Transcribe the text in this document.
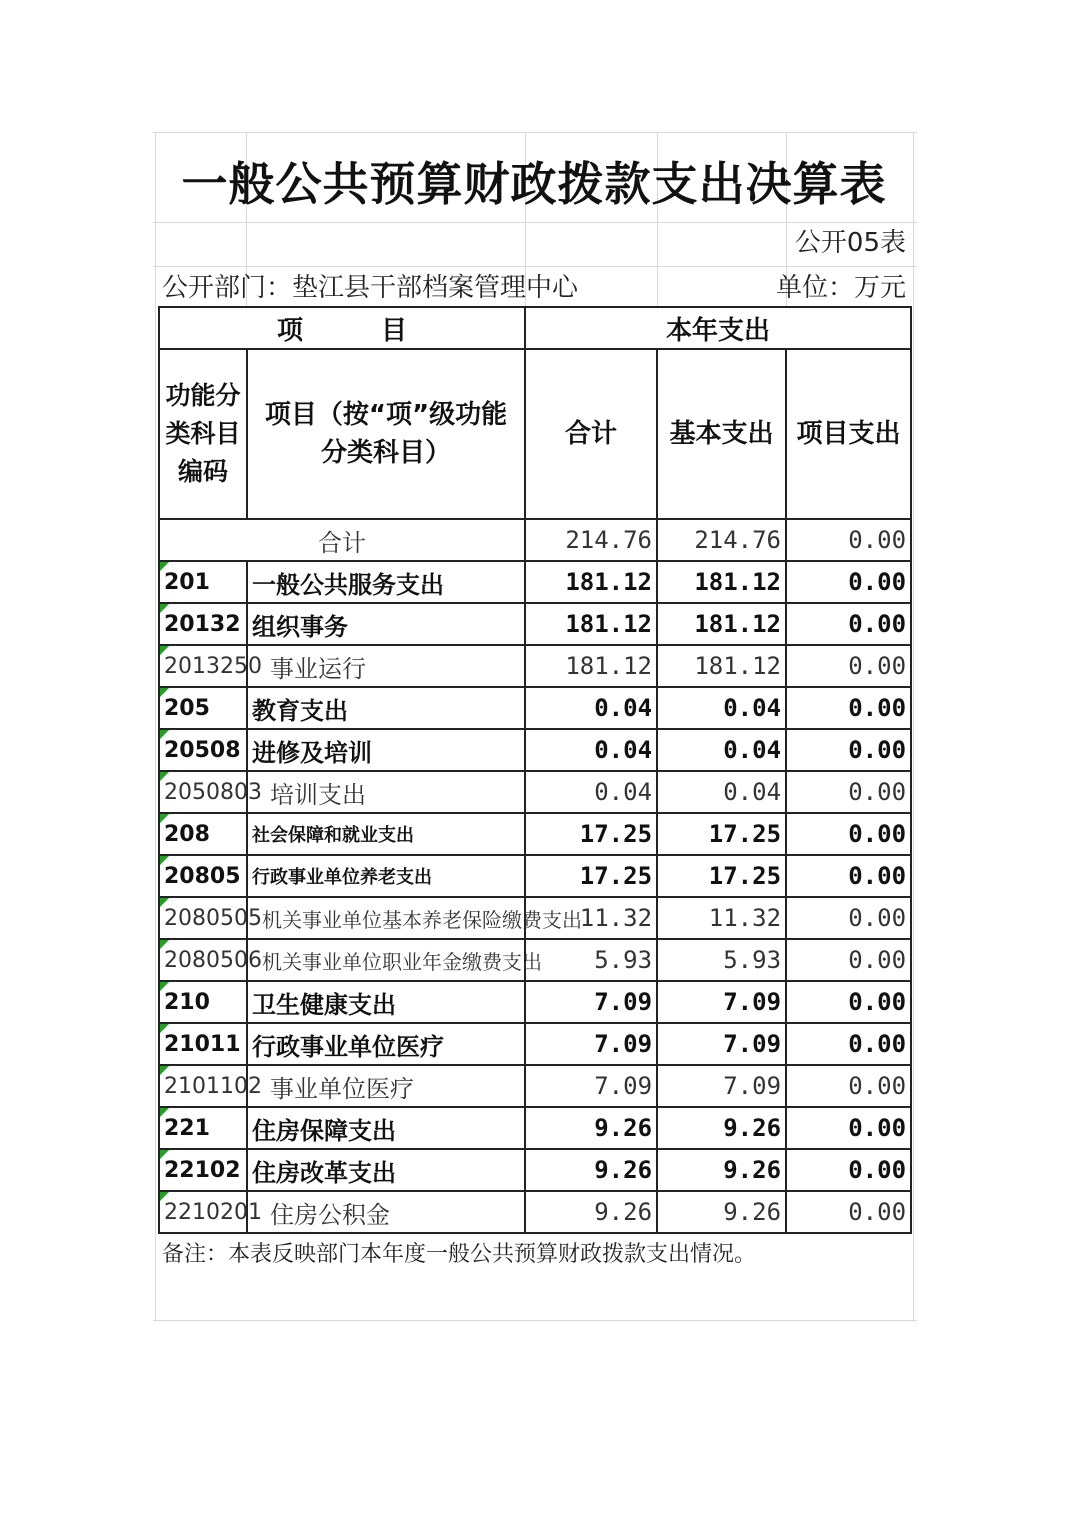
一般公共预算财政拨款支出决算表
公开05表
公开部门：垫江县干部档案管理中心	单位：万元
项　　　目		本年支出		
功能分类科目编码	项目（按“项”级功能分类科目）	合计	基本支出	项目支出
合计		214.76	214.76	0.00
201	一般公共服务支出	181.12	181.12	0.00
20132	组织事务	181.12	181.12	0.00
2013250	事业运行	181.12	181.12	0.00
205	教育支出	0.04	0.04	0.00
20508	进修及培训	0.04	0.04	0.00
2050803	培训支出	0.04	0.04	0.00
208	社会保障和就业支出	17.25	17.25	0.00
20805	行政事业单位养老支出	17.25	17.25	0.00
2080505	机关事业单位基本养老保险缴费支出	11.32	11.32	0.00
2080506	机关事业单位职业年金缴费支出	5.93	5.93	0.00
210	卫生健康支出	7.09	7.09	0.00
21011	行政事业单位医疗	7.09	7.09	0.00
2101102	事业单位医疗	7.09	7.09	0.00
221	住房保障支出	9.26	9.26	0.00
22102	住房改革支出	9.26	9.26	0.00
2210201	住房公积金	9.26	9.26	0.00
备注：本表反映部门本年度一般公共预算财政拨款支出情况。
